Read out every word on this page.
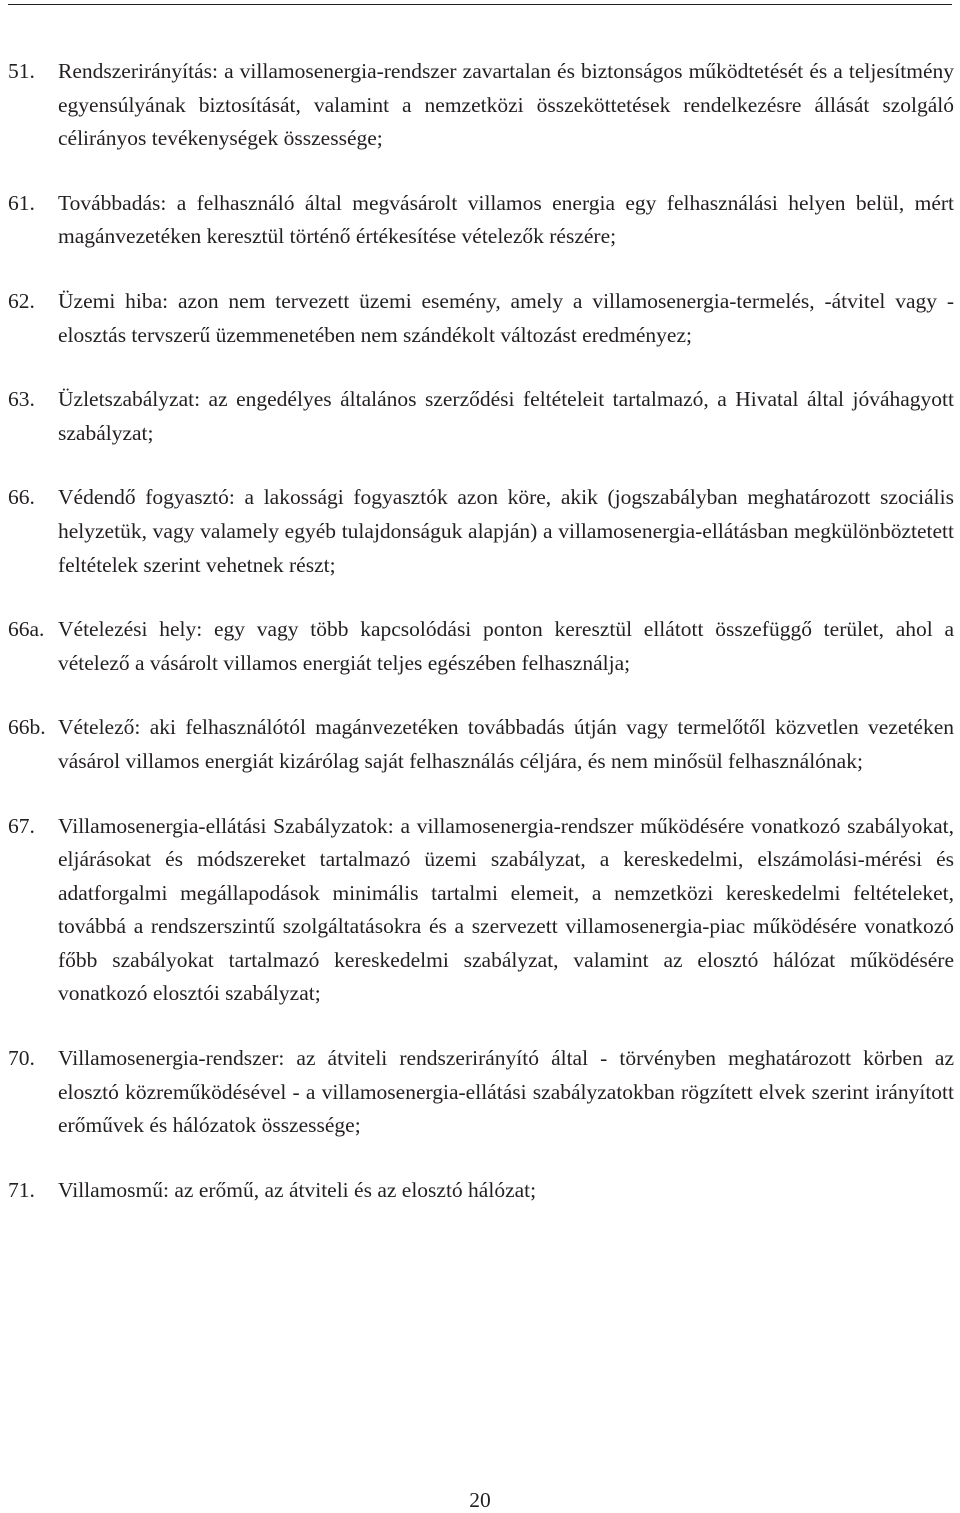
51.	Rendszerirányítás: a villamosenergia-rendszer zavartalan és biztonságos működtetését és a teljesítmény egyensúlyának biztosítását, valamint a nemzetközi összeköttetések rendelkezésre állását szolgáló célirányos tevékenységek összessége;
61.	Továbbadás: a felhasználó által megvásárolt villamos energia egy felhasználási helyen belül, mért magánvezetéken keresztül történő értékesítése vételezők részére;
62.	Üzemi hiba: azon nem tervezett üzemi esemény, amely a villamosenergia-termelés, -átvitel vagy -elosztás tervszerű üzemmenetében nem szándékolt változást eredményez;
63.	Üzletszabályzat: az engedélyes általános szerződési feltételeit tartalmazó, a Hivatal által jóváhagyott szabályzat;
66.	Védendő fogyasztó: a lakossági fogyasztók azon köre, akik (jogszabályban meghatározott szociális helyzetük, vagy valamely egyéb tulajdonságuk alapján) a villamosenergia-ellátásban megkülönböztetett feltételek szerint vehetnek részt;
66a. Vételezési hely: egy vagy több kapcsolódási ponton keresztül ellátott összefüggő terület, ahol a vételező a vásárolt villamos energiát teljes egészében felhasználja;
66b. Vételező: aki felhasználótól magánvezetéken továbbadás útján vagy termelőtől közvetlen vezetéken vásárol villamos energiát kizárólag saját felhasználás céljára, és nem minősül felhasználónak;
67.	Villamosenergia-ellátási Szabályzatok: a villamosenergia-rendszer működésére vonatkozó szabályokat, eljárásokat és módszereket tartalmazó üzemi szabályzat, a kereskedelmi, elszámolási-mérési és adatforgalmi megállapodások minimális tartalmi elemeit, a nemzetközi kereskedelmi feltételeket, továbbá a rendszerszintű szolgáltatásokra és a szervezett villamosenergia-piac működésére vonatkozó főbb szabályokat tartalmazó kereskedelmi szabályzat, valamint az elosztó hálózat működésére vonatkozó elosztói szabályzat;
70.	Villamosenergia-rendszer: az átviteli rendszerirányító által - törvényben meghatározott körben az elosztó közreműködésével - a villamosenergia-ellátási szabályzatokban rögzített elvek szerint irányított erőművek és hálózatok összessége;
71.	Villamosmű: az erőmű, az átviteli és az elosztó hálózat;
20
